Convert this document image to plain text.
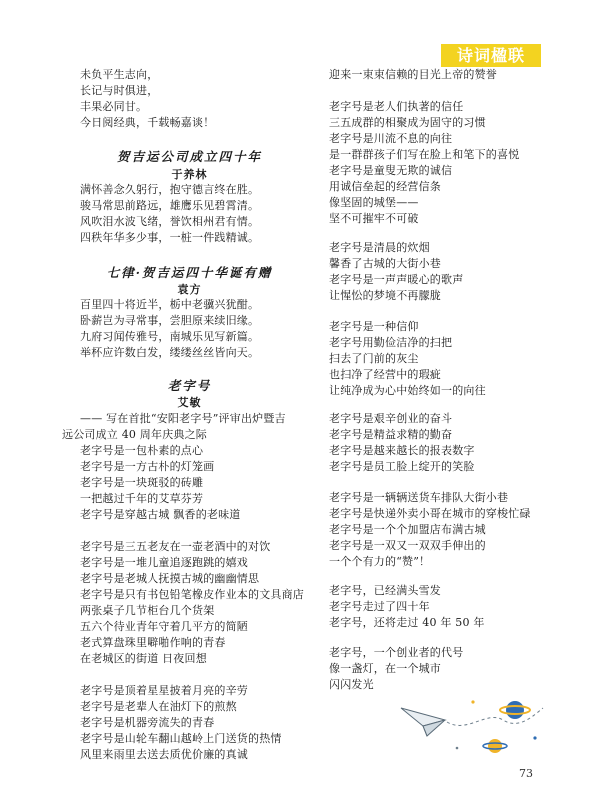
诗词楹联
未负平生志向，
长记与时俱进，
丰果必同甘。
今日阅经典，千载畅嘉谈！
贺吉运公司成立四十年
于养林
满怀善念久躬行，抱守德言终在胜。
骏马常思前路远，雄鹰乐见碧霄清。
风吹泪水波飞绪，誉饮相州君有情。
四秩年华多少事，一桩一件践精诚。
七律·贺吉运四十华诞有赠
袁方
百里四十将近半，栃中老骥兴犹酣。
卧薪岂为寻常事，尝胆原来续旧缘。
九府习闻传雅号，南城乐见写新篇。
举杯应许数白发，缕缕丝丝皆向天。
老字号
艾敏
—— 写在首批“安阳老字号”评审出炉暨吉
远公司成立 40 周年庆典之际
老字号是一包朴素的点心
老字号是一方古朴的灯笼画
老字号是一块斑驳的砖雕
一把越过千年的艾草芬芳
老字号是穿越古城 飘香的老味道
老字号是三五老友在一壶老酒中的对饮
老字号是一堆儿童追逐跑跳的嬉戏
老字号是老城人抚摸古城的幽幽情思
老字号是只有书包铅笔橡皮作业本的文具商店
两张桌子几节柜台几个货架
五六个待业青年守着几平方的简陋
老式算盘珠里噼啪作响的青春
在老城区的街道 日夜回想
老字号是顶着星星披着月亮的辛劳
老字号是老辈人在油灯下的煎熬
老字号是机器旁流失的青春
老字号是山轮车翻山越岭上门送货的热情
风里来雨里去送去质优价廉的真诚
迎来一束束信赖的目光上帝的赞誉
老字号是老人们执著的信任
三五成群的相聚成为固守的习惯
老字号是川流不息的向往
是一群群孩子们写在脸上和笔下的喜悦
老字号是童叟无欺的诚信
用诚信垒起的经营信条
像坚固的城堡——
坚不可摧牢不可破
老字号是清晨的炊烟
馨香了古城的大街小巷
老字号是一声声暖心的歌声
让惺忪的梦境不再朦胧
老字号是一种信仰
老字号用勤俭洁净的扫把
扫去了门前的灰尘
也扫净了经营中的瑕疵
让纯净成为心中始终如一的向往
老字号是艰辛创业的奋斗
老字号是精益求精的勤奋
老字号是越来越长的报表数字
老字号是员工脸上绽开的笑脸
老字号是一辆辆送货车排队大街小巷
老字号是快递外卖小哥在城市的穿梭忙碌
老字号是一个个加盟店布满古城
老字号是一双又一双双手伸出的
一个个有力的“赞”！
老字号，已经满头雪发
老字号走过了四十年
老字号，还将走过 40 年 50 年
老字号，一个创业者的代号
像一盏灯，在一个城市
闪闪发光
73
